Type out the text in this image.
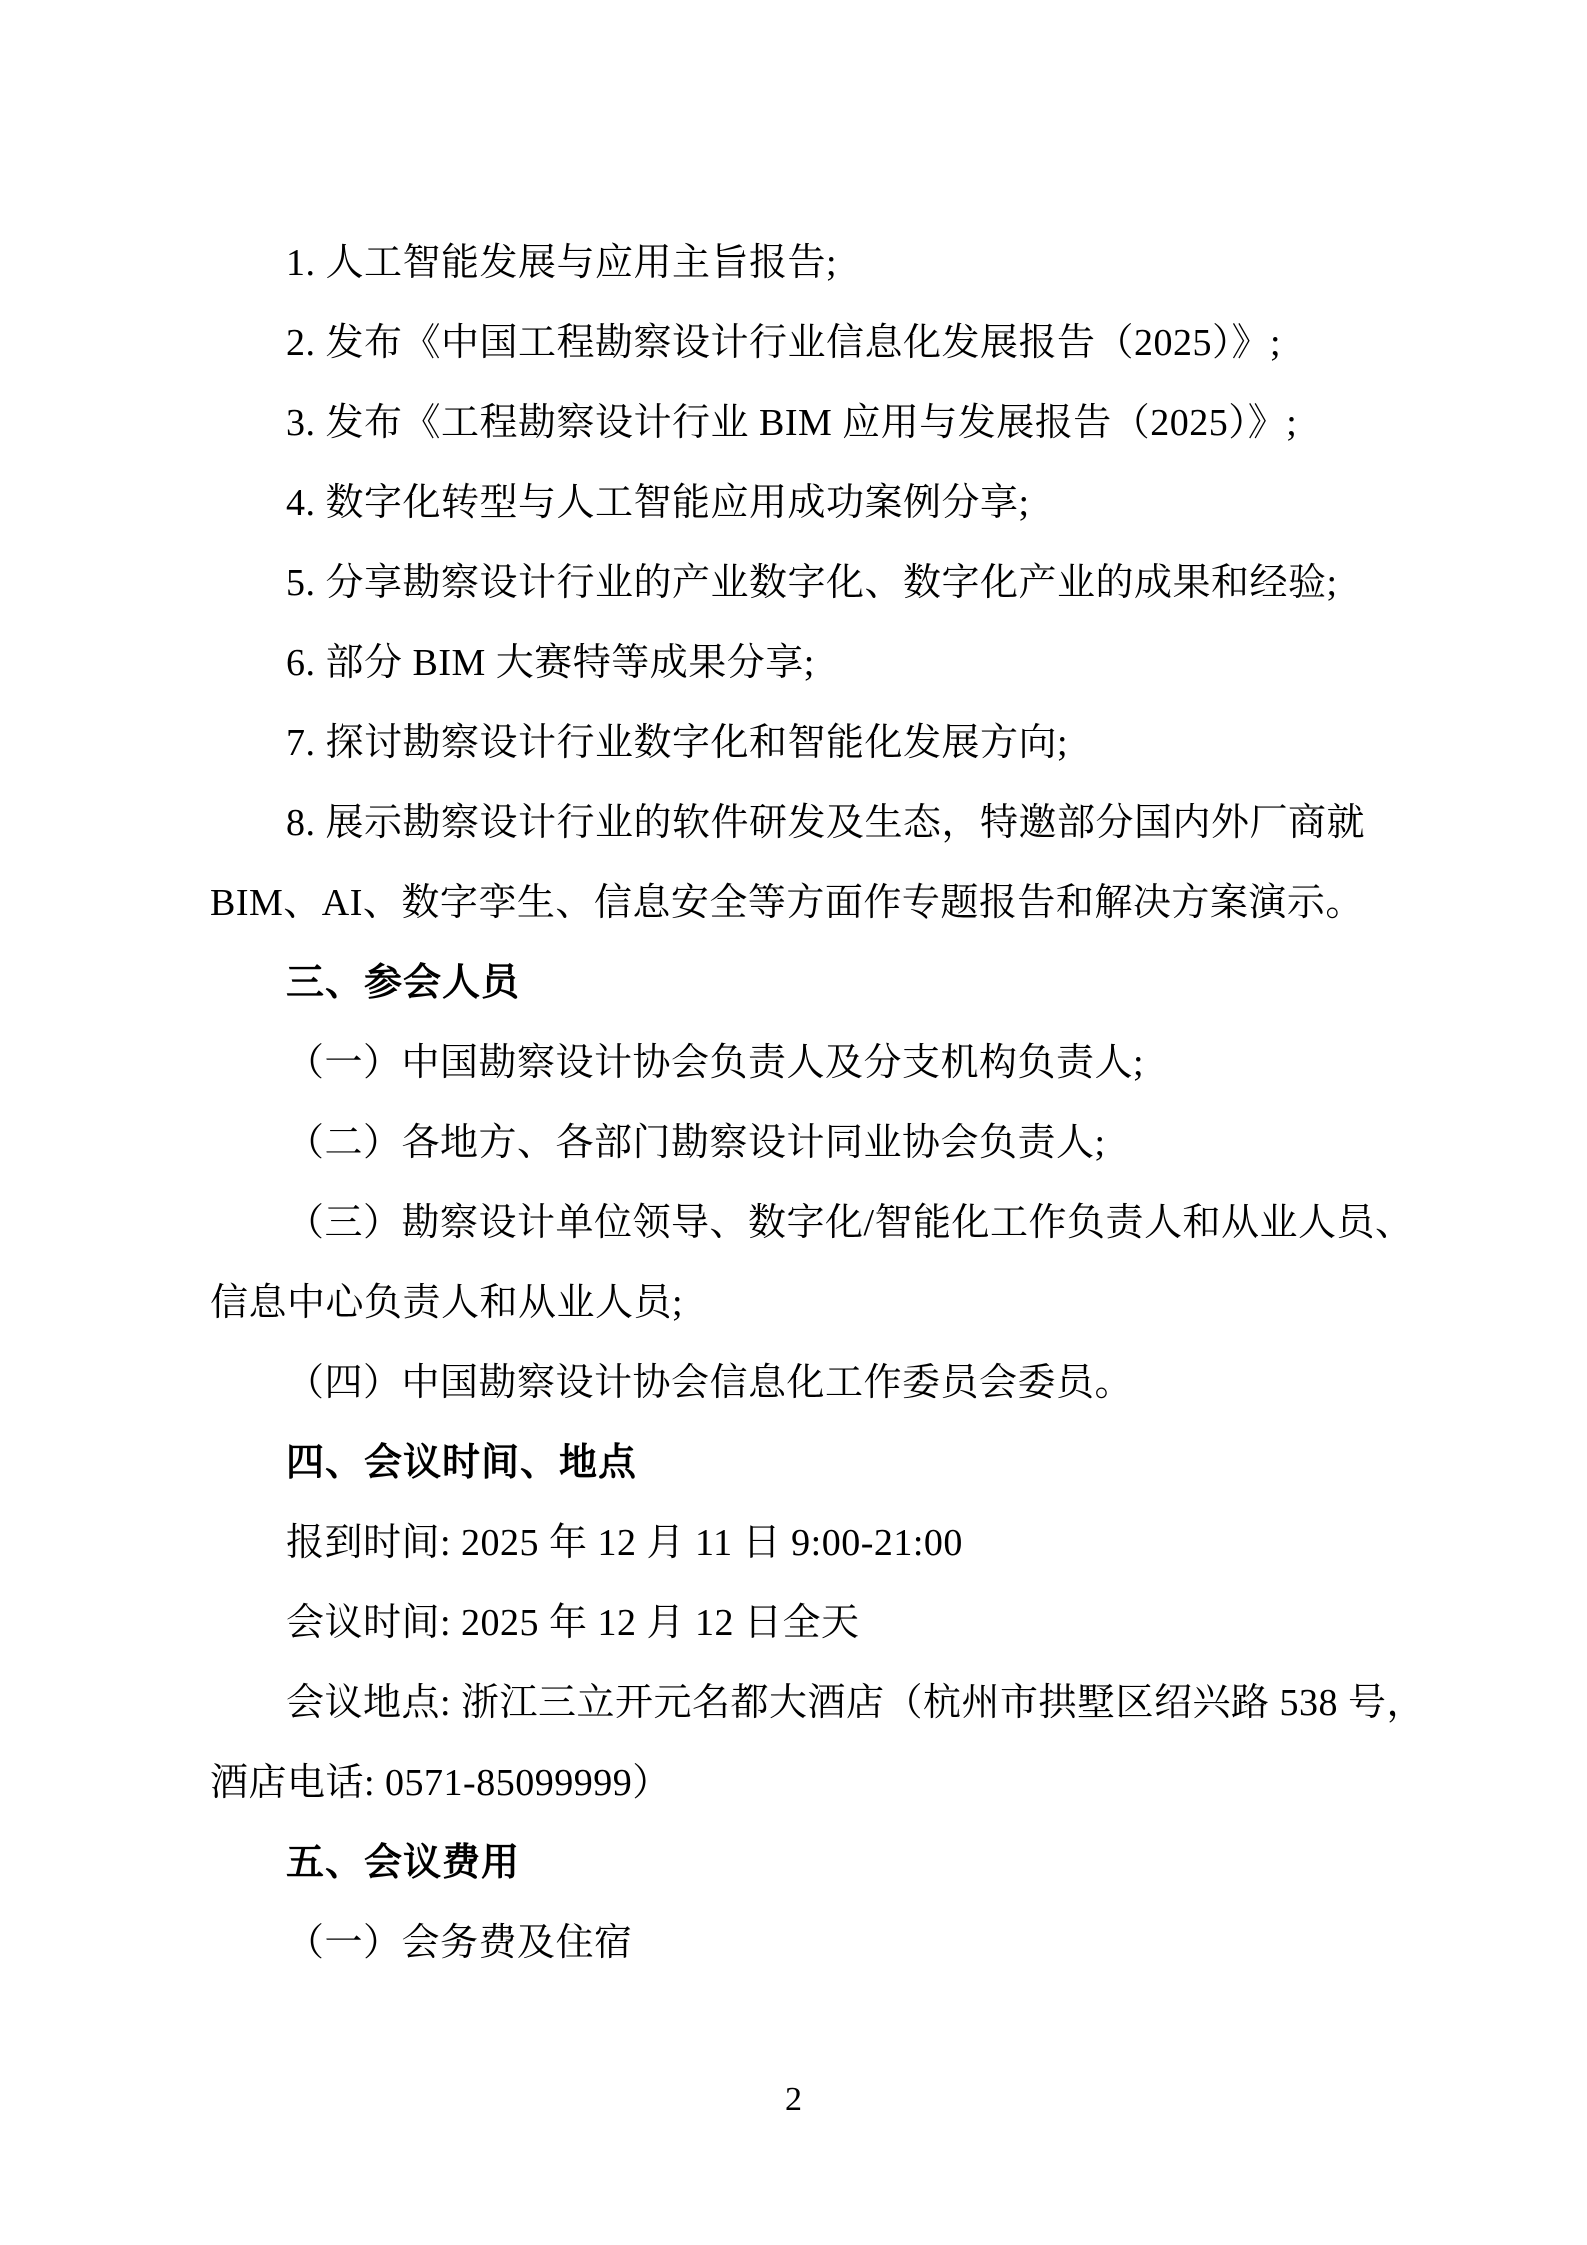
1. 人工智能发展与应用主旨报告;
2. 发布《中国工程勘察设计行业信息化发展报告（2025）》;
3. 发布《工程勘察设计行业 BIM 应用与发展报告（2025）》;
4. 数字化转型与人工智能应用成功案例分享;
5. 分享勘察设计行业的产业数字化、数字化产业的成果和经验;
6. 部分 BIM 大赛特等成果分享;
7. 探讨勘察设计行业数字化和智能化发展方向;
8. 展示勘察设计行业的软件研发及生态，特邀部分国内外厂商就
BIM、AI、数字孪生、信息安全等方面作专题报告和解决方案演示。
三、参会人员
（一）中国勘察设计协会负责人及分支机构负责人;
（二）各地方、各部门勘察设计同业协会负责人;
（三）勘察设计单位领导、数字化/智能化工作负责人和从业人员、
信息中心负责人和从业人员;
（四）中国勘察设计协会信息化工作委员会委员。
四、会议时间、地点
报到时间: 2025 年 12 月 11 日 9:00-21:00
会议时间: 2025 年 12 月 12 日全天
会议地点: 浙江三立开元名都大酒店（杭州市拱墅区绍兴路 538 号，
酒店电话: 0571-85099999）
五、会议费用
（一）会务费及住宿
2
